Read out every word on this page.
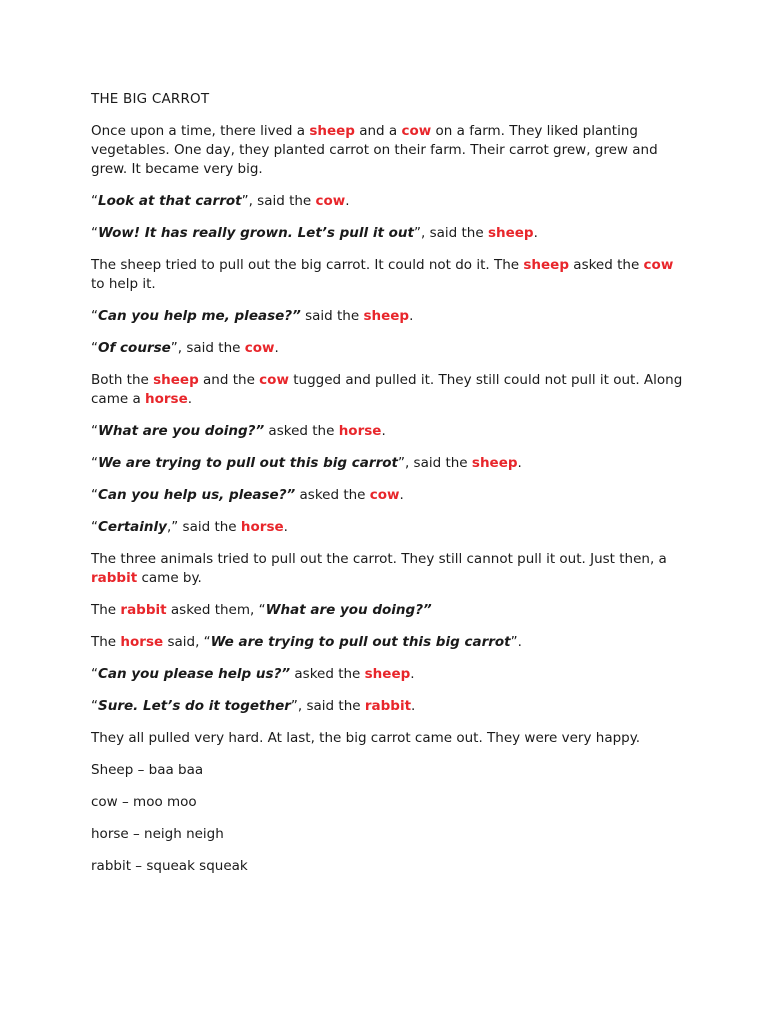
THE BIG CARROT

Once upon a time, there lived a sheep and a cow on a farm. They liked planting vegetables. One day, they planted carrot on their farm. Their carrot grew, grew and grew. It became very big.

“Look at that carrot”, said the cow.

“Wow! It has really grown. Let’s pull it out”, said the sheep.

The sheep tried to pull out the big carrot. It could not do it. The sheep asked the cow to help it.

“Can you help me, please?” said the sheep.

“Of course”, said the cow.

Both the sheep and the cow tugged and pulled it. They still could not pull it out. Along came a horse.

“What are you doing?” asked the horse.

“We are trying to pull out this big carrot”, said the sheep.

“Can you help us, please?” asked the cow.

“Certainly,” said the horse.

The three animals tried to pull out the carrot. They still cannot pull it out. Just then, a rabbit came by.

The rabbit asked them, “What are you doing?”

The horse said, “We are trying to pull out this big carrot”.

“Can you please help us?” asked the sheep.

“Sure. Let’s do it together”, said the rabbit.

They all pulled very hard. At last, the big carrot came out. They were very happy.

Sheep – baa baa

cow – moo moo

horse – neigh neigh

rabbit – squeak squeak
